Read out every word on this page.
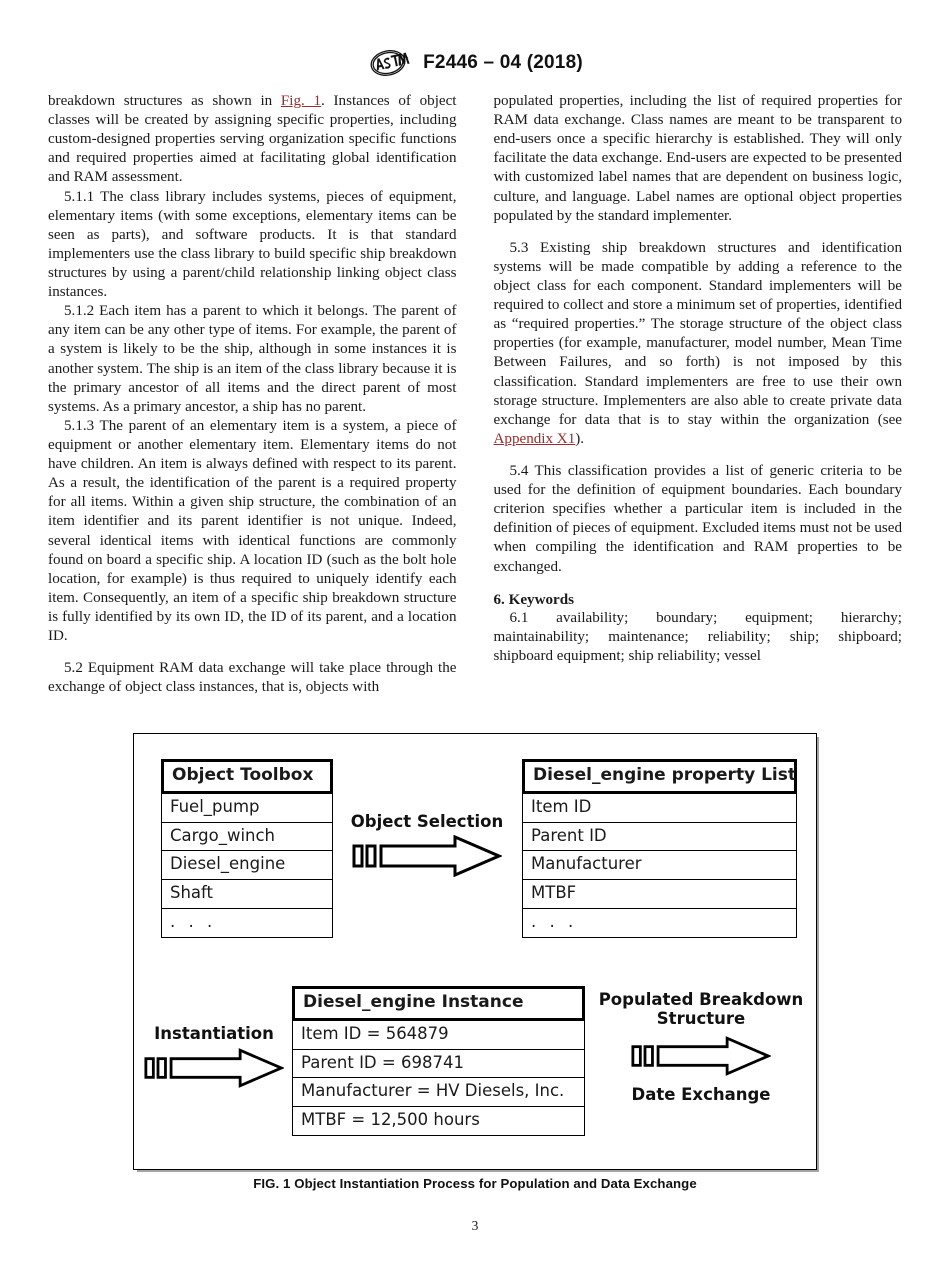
F2446 – 04 (2018)

breakdown structures as shown in Fig. 1. Instances of object classes will be created by assigning specific properties, including custom-designed properties serving organization specific functions and required properties aimed at facilitating global identification and RAM assessment.

5.1.1 The class library includes systems, pieces of equipment, elementary items (with some exceptions, elementary items can be seen as parts), and software products. It is that standard implementers use the class library to build specific ship breakdown structures by using a parent/child relationship linking object class instances.

5.1.2 Each item has a parent to which it belongs. The parent of any item can be any other type of items. For example, the parent of a system is likely to be the ship, although in some instances it is another system. The ship is an item of the class library because it is the primary ancestor of all items and the direct parent of most systems. As a primary ancestor, a ship has no parent.

5.1.3 The parent of an elementary item is a system, a piece of equipment or another elementary item. Elementary items do not have children. An item is always defined with respect to its parent. As a result, the identification of the parent is a required property for all items. Within a given ship structure, the combination of an item identifier and its parent identifier is not unique. Indeed, several identical items with identical functions are commonly found on board a specific ship. A location ID (such as the bolt hole location, for example) is thus required to uniquely identify each item. Consequently, an item of a specific ship breakdown structure is fully identified by its own ID, the ID of its parent, and a location ID.

5.2 Equipment RAM data exchange will take place through the exchange of object class instances, that is, objects with

populated properties, including the list of required properties for RAM data exchange. Class names are meant to be transparent to end-users once a specific hierarchy is established. They will only facilitate the data exchange. End-users are expected to be presented with customized label names that are dependent on business logic, culture, and language. Label names are optional object properties populated by the standard implementer.

5.3 Existing ship breakdown structures and identification systems will be made compatible by adding a reference to the object class for each component. Standard implementers will be required to collect and store a minimum set of properties, identified as “required properties.” The storage structure of the object class properties (for example, manufacturer, model number, Mean Time Between Failures, and so forth) is not imposed by this classification. Standard implementers are free to use their own storage structure. Implementers are also able to create private data exchange for data that is to stay within the organization (see Appendix X1).

5.4 This classification provides a list of generic criteria to be used for the definition of equipment boundaries. Each boundary criterion specifies whether a particular item is included in the definition of pieces of equipment. Excluded items must not be used when compiling the identification and RAM properties to be exchanged.

6. Keywords

6.1 availability; boundary; equipment; hierarchy; maintainability; maintenance; reliability; ship; shipboard; shipboard equipment; ship reliability; vessel

Object Toolbox
Fuel_pump
Cargo_winch
Diesel_engine
Shaft
. . .
Object Selection
Diesel_engine property List
Item ID
Parent ID
Manufacturer
MTBF
. . .
Instantiation
Diesel_engine Instance
Item ID = 564879
Parent ID = 698741
Manufacturer = HV Diesels, Inc.
MTBF = 12,500 hours
Populated Breakdown
Structure
Date Exchange
FIG. 1 Object Instantiation Process for Population and Data Exchange
3
